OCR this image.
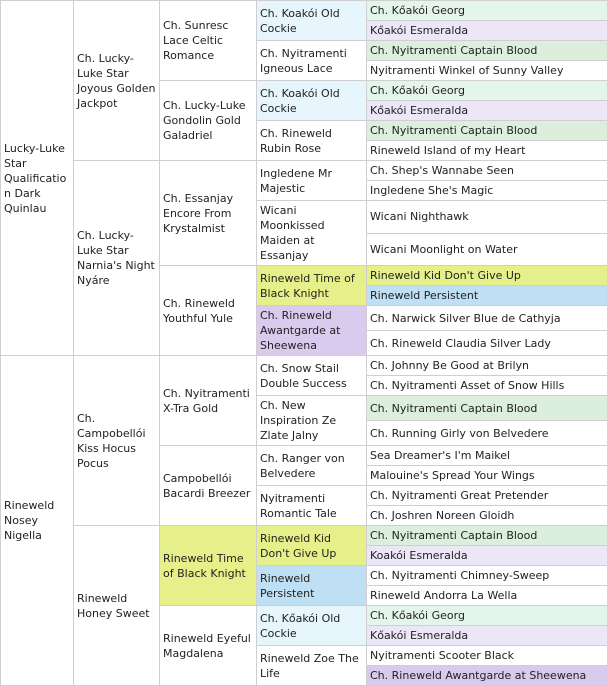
Lucky-Luke Star Qualification Dark Quinlau	Ch. Lucky-Luke Star Joyous Golden Jackpot	Ch. Sunresc Lace Celtic Romance	Ch. Koakói Old Cockie	Ch. Kőakói Georg
				Kőakói Esmeralda
			Ch. Nyitramenti Igneous Lace	Ch. Nyitramenti Captain Blood
				Nyitramenti Winkel of Sunny Valley
		Ch. Lucky-Luke Gondolin Gold Galadriel	Ch. Koakói Old Cockie	Ch. Kőakói Georg
				Kőakói Esmeralda
			Ch. Rineweld Rubin Rose	Ch. Nyitramenti Captain Blood
				Rineweld Island of my Heart
	Ch. Lucky-Luke Star Narnia's Night Nyáre	Ch. Essanjay Encore From Krystalmist	Ingledene Mr Majestic	Ch. Shep's Wannabe Seen
				Ingledene She's Magic
			Wicani Moonkissed Maiden at Essanjay	Wicani Nighthawk
				Wicani Moonlight on Water
		Ch. Rineweld Youthful Yule	Rineweld Time of Black Knight	Rineweld Kid Don't Give Up
				Rineweld Persistent
			Ch. Rineweld Awantgarde at Sheewena	Ch. Narwick Silver Blue de Cathyja
				Ch. Rineweld Claudia Silver Lady
Rineweld Nosey Nigella	Ch. Campobellói Kiss Hocus Pocus	Ch. Nyitramenti X-Tra Gold	Ch. Snow Stail Double Success	Ch. Johnny Be Good at Brilyn
				Ch. Nyitramenti Asset of Snow Hills
			Ch. New Inspiration Ze Zlate Jalny	Ch. Nyitramenti Captain Blood
				Ch. Running Girly von Belvedere
		Campobellói Bacardi Breezer	Ch. Ranger von Belvedere	Sea Dreamer's I'm Maikel
				Malouine's Spread Your Wings
			Nyitramenti Romantic Tale	Ch. Nyitramenti Great Pretender
				Ch. Joshren Noreen Gloidh
	Rineweld Honey Sweet	Rineweld Time of Black Knight	Rineweld Kid Don't Give Up	Ch. Nyitramenti Captain Blood
				Koakói Esmeralda
			Rineweld Persistent	Ch. Nyitramenti Chimney-Sweep
				Rineweld Andorra La Wella
		Rineweld Eyeful Magdalena	Ch. Kőakói Old Cockie	Ch. Kőakói Georg
				Kőakói Esmeralda
			Rineweld Zoe The Life	Nyitramenti Scooter Black
				Ch. Rineweld Awantgarde at Sheewena
